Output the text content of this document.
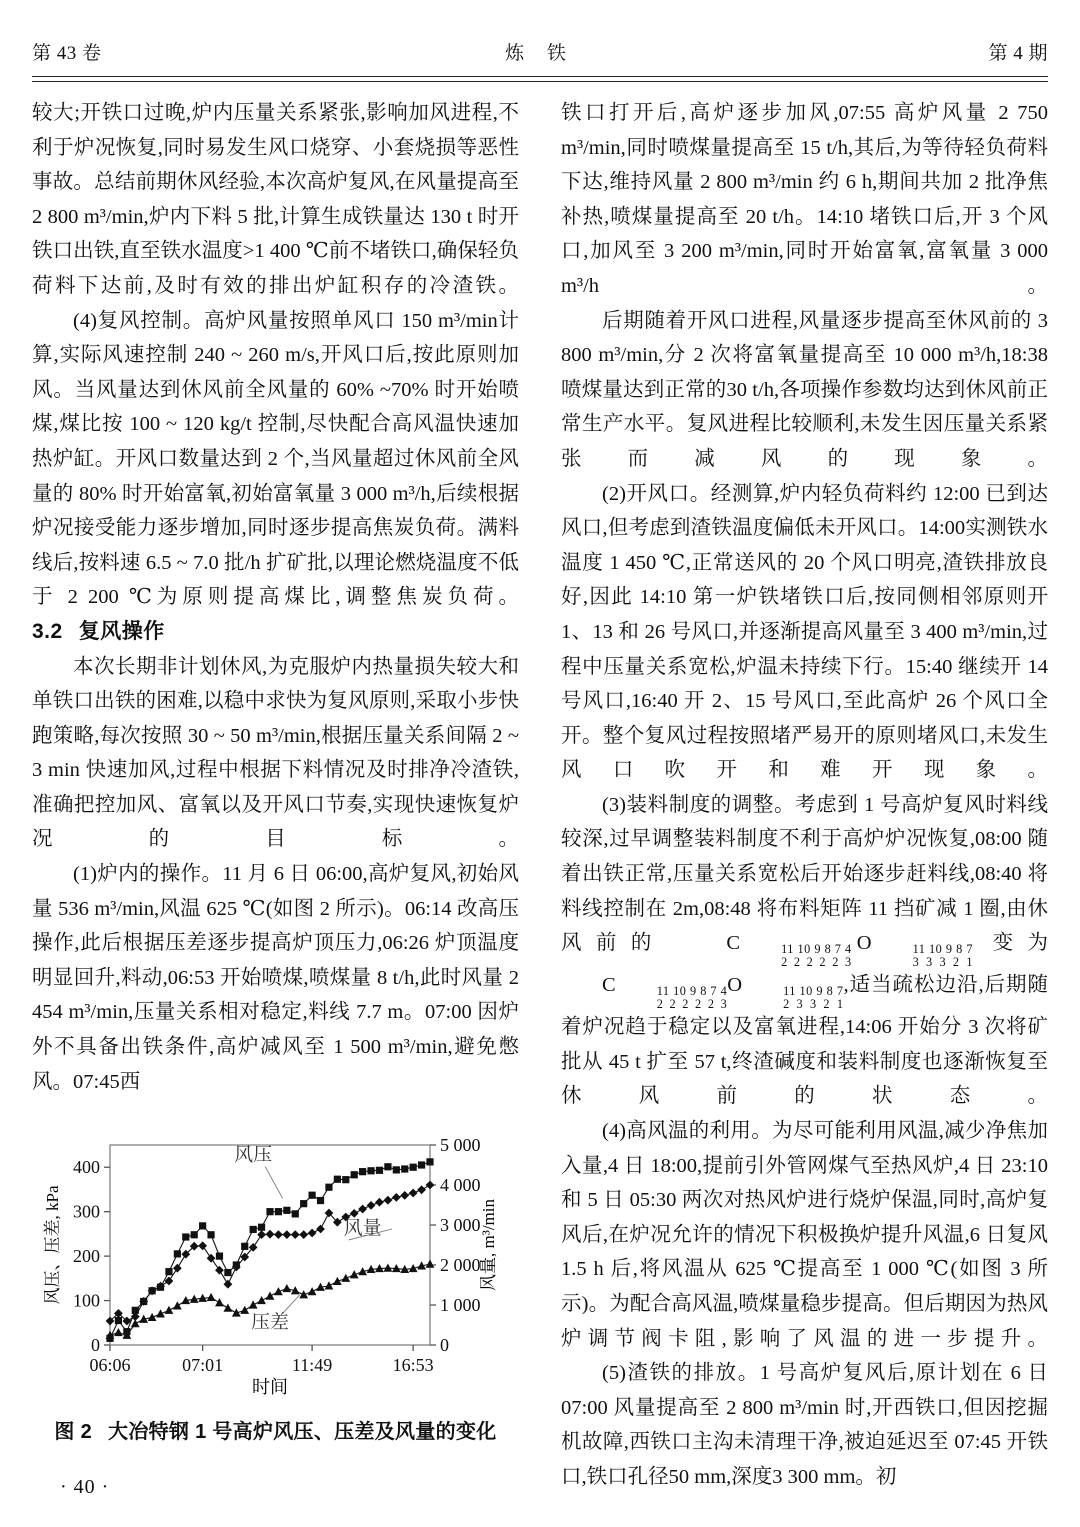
第 43 卷	炼 铁	第 4 期

较大;开铁口过晚,炉内压量关系紧张,影响加风进程,不利于炉况恢复,同时易发生风口烧穿、小套烧损等恶性事故。总结前期休风经验,本次高炉复风,在风量提高至 2 800 m³/min,炉内下料 5 批,计算生成铁量达 130 t 时开铁口出铁,直至铁水温度>1 400 ℃前不堵铁口,确保轻负荷料下达前,及时有效的排出炉缸积存的冷渣铁。

(4)复风控制。高炉风量按照单风口 150 m³/min计算,实际风速控制 240 ~ 260 m/s,开风口后,按此原则加风。当风量达到休风前全风量的 60% ~70% 时开始喷煤,煤比按 100 ~ 120 kg/t 控制,尽快配合高风温快速加热炉缸。开风口数量达到 2 个,当风量超过休风前全风量的 80% 时开始富氧,初始富氧量 3 000 m³/h,后续根据炉况接受能力逐步增加,同时逐步提高焦炭负荷。满料线后,按料速 6.5 ~ 7.0 批/h 扩矿批,以理论燃烧温度不低于 2 200 ℃为原则提高煤比,调整焦炭负荷。

3.2 复风操作

本次长期非计划休风,为克服炉内热量损失较大和单铁口出铁的困难,以稳中求快为复风原则,采取小步快跑策略,每次按照 30 ~ 50 m³/min,根据压量关系间隔 2 ~ 3 min 快速加风,过程中根据下料情况及时排净冷渣铁,准确把控加风、富氧以及开风口节奏,实现快速恢复炉况的目标。

(1)炉内的操作。11 月 6 日 06:00,高炉复风,初始风量 536 m³/min,风温 625 ℃(如图 2 所示)。06:14 改高压操作,此后根据压差逐步提高炉顶压力,06:26 炉顶温度明显回升,料动,06:53 开始喷煤,喷煤量 8 t/h,此时风量 2 454 m³/min,压量关系相对稳定,料线 7.7 m。07:00 因炉外不具备出铁条件,高炉减风至 1 500 m³/min,避免憋风。07:45西

0
100
200
300
400
0
1 000
2 000
3 000
4 000
5 000
06:06	07:01	11:49	16:53
风压
风量
压差
风压、压差, kPa	风量, m³/min
时间
图 2 大冶特钢 1 号高炉风压、压差及风量的变化

铁口打开后,高炉逐步加风,07:55 高炉风量 2 750 m³/min,同时喷煤量提高至 15 t/h,其后,为等待轻负荷料下达,维持风量 2 800 m³/min 约 6 h,期间共加 2 批净焦补热,喷煤量提高至 20 t/h。14:10 堵铁口后,开 3 个风口,加风至 3 200 m³/min,同时开始富氧,富氧量 3 000 m³/h。

后期随着开风口进程,风量逐步提高至休风前的 3 800 m³/min,分 2 次将富氧量提高至 10 000 m³/h,18:38 喷煤量达到正常的30 t/h,各项操作参数均达到休风前正常生产水平。复风进程比较顺利,未发生因压量关系紧张而减风的现象。

(2)开风口。经测算,炉内轻负荷料约 12:00 已到达风口,但考虑到渣铁温度偏低未开风口。14:00实测铁水温度 1 450 ℃,正常送风的 20 个风口明亮,渣铁排放良好,因此 14:10 第一炉铁堵铁口后,按同侧相邻原则开 1、13 和 26 号风口,并逐渐提高风量至 3 400 m³/min,过程中压量关系宽松,炉温未持续下行。15:40 继续开 14 号风口,16:40 开 2、15 号风口,至此高炉 26 个风口全开。整个复风过程按照堵严易开的原则堵风口,未发生风口吹开和难开现象。

(3)装料制度的调整。考虑到 1 号高炉复风时料线较深,过早调整装料制度不利于高炉炉况恢复,08:00 随着出铁正常,压量关系宽松后开始逐步赶料线,08:40 将料线控制在 2m,08:48 将布料矩阵 11 挡矿减 1 圈,由休风前的 C	11 10 9 8 7 4
2 2 2 2 2 3
O	11 10 9 8 7
3 3 3 2 1
变为 C	11 10 9 8 7 4
2 2 2 2 2 3
O	11 10 9 8 7
2 3 3 2 1
,适当疏松边沿,后期随着炉况趋于稳定以及富氧进程,14:06 开始分 3 次将矿批从 45 t 扩至 57 t,终渣碱度和装料制度也逐渐恢复至休风前的状态。

(4)高风温的利用。为尽可能利用风温,减少净焦加入量,4 日 18:00,提前引外管网煤气至热风炉,4 日 23:10 和 5 日 05:30 两次对热风炉进行烧炉保温,同时,高炉复风后,在炉况允许的情况下积极换炉提升风温,6 日复风 1.5 h 后,将风温从 625 ℃提高至 1 000 ℃(如图 3 所示)。为配合高风温,喷煤量稳步提高。但后期因为热风炉调节阀卡阻,影响了风温的进一步提升。

(5)渣铁的排放。1 号高炉复风后,原计划在 6 日 07:00 风量提高至 2 800 m³/min 时,开西铁口,但因挖掘机故障,西铁口主沟未清理干净,被迫延迟至 07:45 开铁口,铁口孔径50 mm,深度3 300 mm。初

· 40 ·
